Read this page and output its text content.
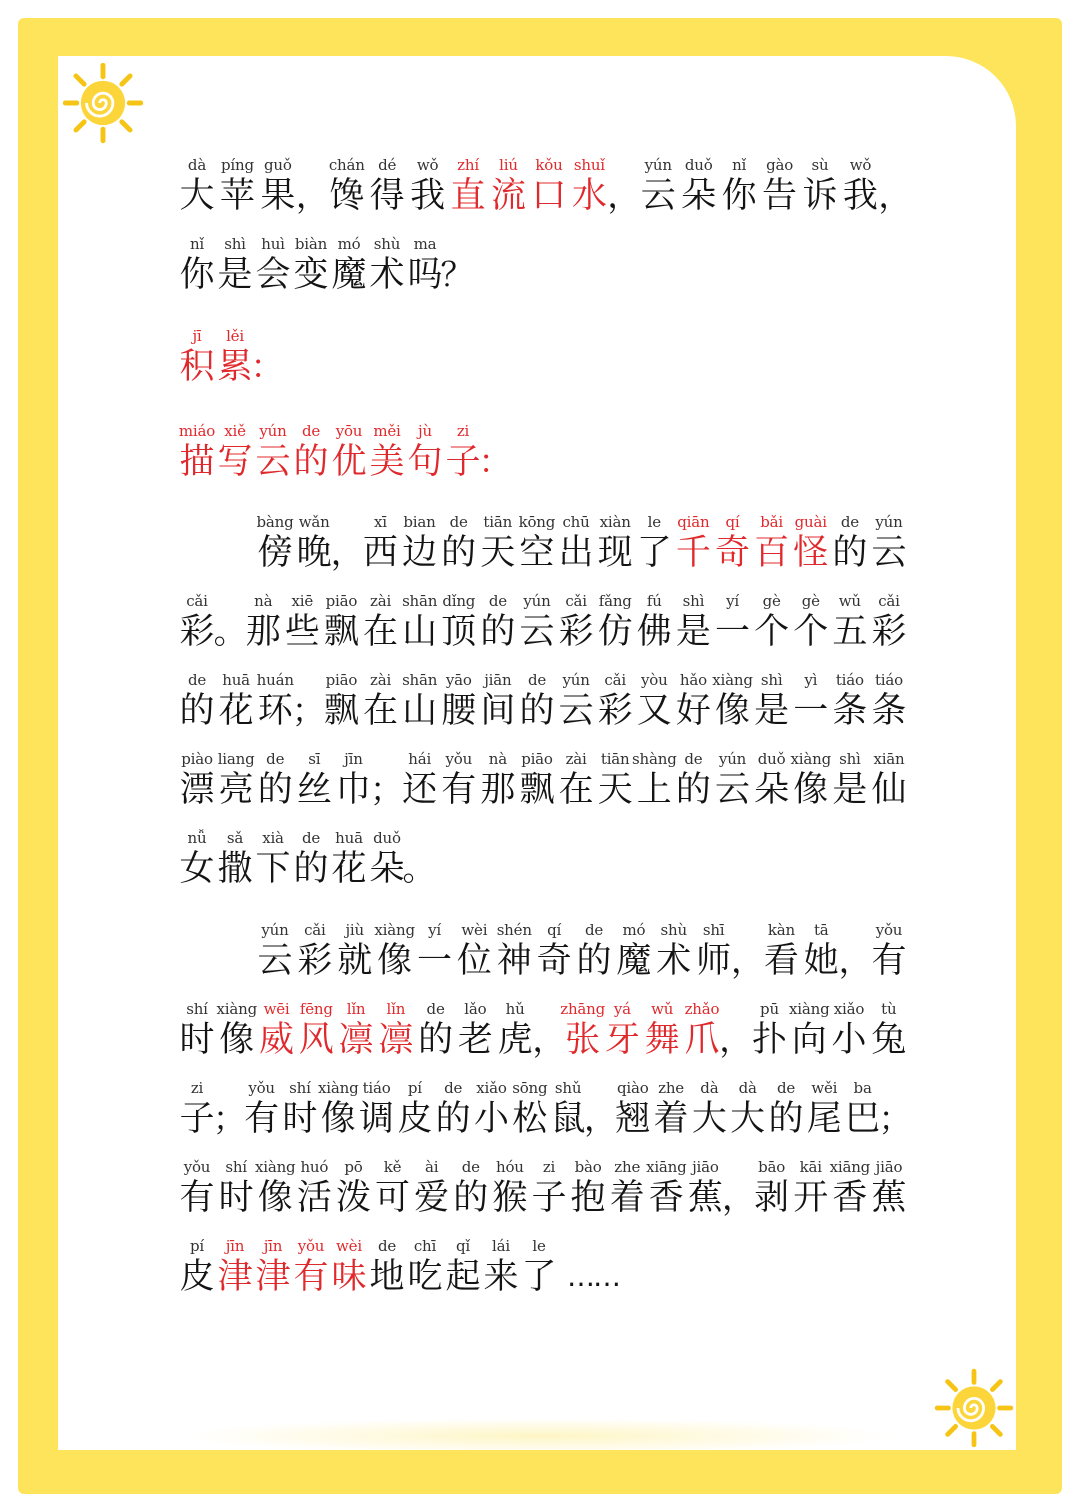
dà
大
píng
苹
guǒ
果 ，
chán
馋
dé
得
wǒ
我
zhí
直
liú
流
kǒu
口
shuǐ
水 ，
yún
云
duǒ
朵
nǐ
你
gào
告
sù
诉
wǒ
我 ，
nǐ
你
shì
是
huì
会
biàn
变
mó
魔
shù
术
ma
吗
？
jī
积
lěi
累
：
miáo
描
xiě
写
yún
云
de
的
yōu
优
měi
美
jù
句
zi
子
：
bàng
傍
wǎn
晚 ，
xī
西
bian
边
de
的
tiān
天
kōng
空
chū
出
xiàn
现
le
了
qiān
千
qí
奇
bǎi
百
guài
怪
de
的
yún
云
cǎi
彩 。
nà
那
xiē
些
piāo
飘
zài
在
shān
山
dǐng
顶
de
的
yún
云
cǎi
彩
fǎng
仿
fú
佛
shì
是
yí
一
gè
个
gè
个
wǔ
五
cǎi
彩
de
的
huā
花
huán
环 ；
piāo
飘
zài
在
shān
山
yāo
腰
jiān
间
de
的
yún
云
cǎi
彩
yòu
又
hǎo
好
xiàng
像
shì
是
yì
一
tiáo
条
tiáo
条
piào
漂
liang
亮
de
的
sī
丝
jīn
巾 ；
hái
还
yǒu
有
nà
那
piāo
飘
zài
在
tiān
天
shàng
上
de
的
yún
云
duǒ
朵
xiàng
像
shì
是
xiān
仙
nǚ
女
sǎ
撒
xià
下
de
的
huā
花
duǒ
朵
。
yún
云
cǎi
彩
jiù
就
xiàng
像
yí
一
wèi
位
shén
神
qí
奇
de
的
mó
魔
shù
术
shī
师 ，
kàn
看
tā
她 ，
yǒu
有
shí
时
xiàng
像
wēi
威
fēng
风
lǐn
凛
lǐn
凛
de
的
lǎo
老
hǔ
虎 ，
zhāng
张
yá
牙
wǔ
舞
zhǎo
爪 ，
pū
扑
xiàng
向
xiǎo
小
tù
兔
zi
子
；
yǒu
有
shí
时
xiàng
像
tiáo
调
pí
皮
de
的
xiǎo
小
sōng
松
shǔ
鼠
，
qiào
翘
zhe
着
dà
大
dà
大
de
的
wěi
尾
ba
巴
；
yǒu
有
shí
时
xiàng
像
huó
活
pō
泼
kě
可
ài
爱
de
的
hóu
猴
zi
子
bào
抱
zhe
着
xiāng
香
jiāo
蕉 ，
bāo
剥
kāi
开
xiāng
香
jiāo
蕉
pí
皮
jīn
津
jīn
津
yǒu
有
wèi
味
de
地
chī
吃
qǐ
起
lái
来
le
了 ……
